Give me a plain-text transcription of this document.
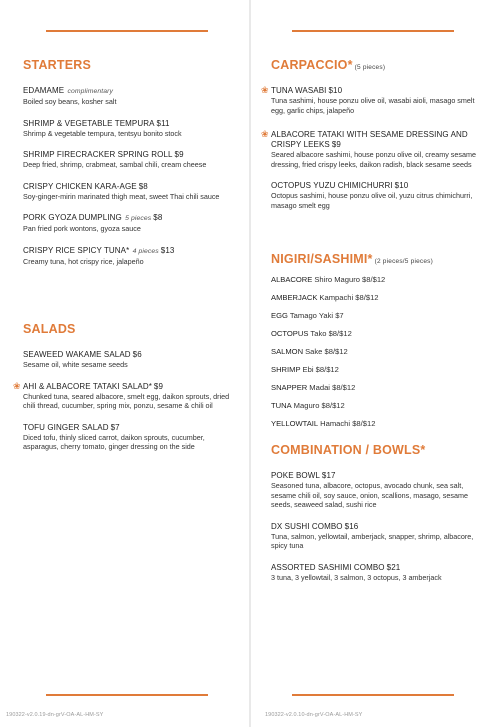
STARTERS
EDAMAME complimentary
Boiled soy beans, kosher salt
SHRIMP & VEGETABLE TEMPURA $11
Shrimp & vegetable tempura, tentsyu bonito stock
SHRIMP FIRECRACKER SPRING ROLL $9
Deep fried, shrimp, crabmeat, sambal chili, cream cheese
CRISPY CHICKEN KARA-AGE $8
Soy-ginger-mirin marinated thigh meat, sweet Thai chili sauce
PORK GYOZA DUMPLING 5 pieces $8
Pan fried pork wontons, gyoza sauce
CRISPY RICE SPICY TUNA* 4 pieces $13
Creamy tuna, hot crispy rice, jalapeño
SALADS
SEAWEED WAKAME SALAD $6
Sesame oil, white sesame seeds
❀ AHI & ALBACORE TATAKI SALAD* $9
Chunked tuna, seared albacore, smelt egg, daikon sprouts, dried chili thread, cucumber, spring mix, ponzu, sesame & chili oil
TOFU GINGER SALAD $7
Diced tofu, thinly sliced carrot, daikon sprouts, cucumber, asparagus, cherry tomato, ginger dressing on the side
190322-v2.0.19-dn-grV-OA-AL-HM-SY
CARPACCIO* (5 pieces)
❀ TUNA WASABI $10
Tuna sashimi, house ponzu olive oil, wasabi aioli, masago smelt egg, garlic chips, jalapeño
❀ ALBACORE TATAKI WITH SESAME DRESSING AND CRISPY LEEKS $9
Seared albacore sashimi, house ponzu olive oil, creamy sesame dressing, fried crispy leeks, daikon radish, black sesame seeds
OCTOPUS YUZU CHIMICHURRI $10
Octopus sashimi, house ponzu olive oil, yuzu citrus chimichurri, masago smelt egg
NIGIRI/SASHIMI* (2 pieces/5 pieces)
ALBACORE Shiro Maguro $8/$12
AMBERJACK Kampachi $8/$12
EGG Tamago Yaki $7
OCTOPUS Tako $8/$12
SALMON Sake $8/$12
SHRIMP Ebi $8/$12
SNAPPER Madai $8/$12
TUNA Maguro $8/$12
YELLOWTAIL Hamachi $8/$12
COMBINATION / BOWLS*
POKE BOWL $17
Seasoned tuna, albacore, octopus, avocado chunk, sea salt, sesame chili oil, soy sauce, onion, scallions, masago, sesame seeds, seaweed salad, sushi rice
DX SUSHI COMBO $16
Tuna, salmon, yellowtail, amberjack, snapper, shrimp, albacore, spicy tuna
ASSORTED SASHIMI COMBO $21
3 tuna, 3 yellowtail, 3 salmon, 3 octopus, 3 amberjack
190322-v2.0.10-dn-grV-OA-AL-HM-SY
